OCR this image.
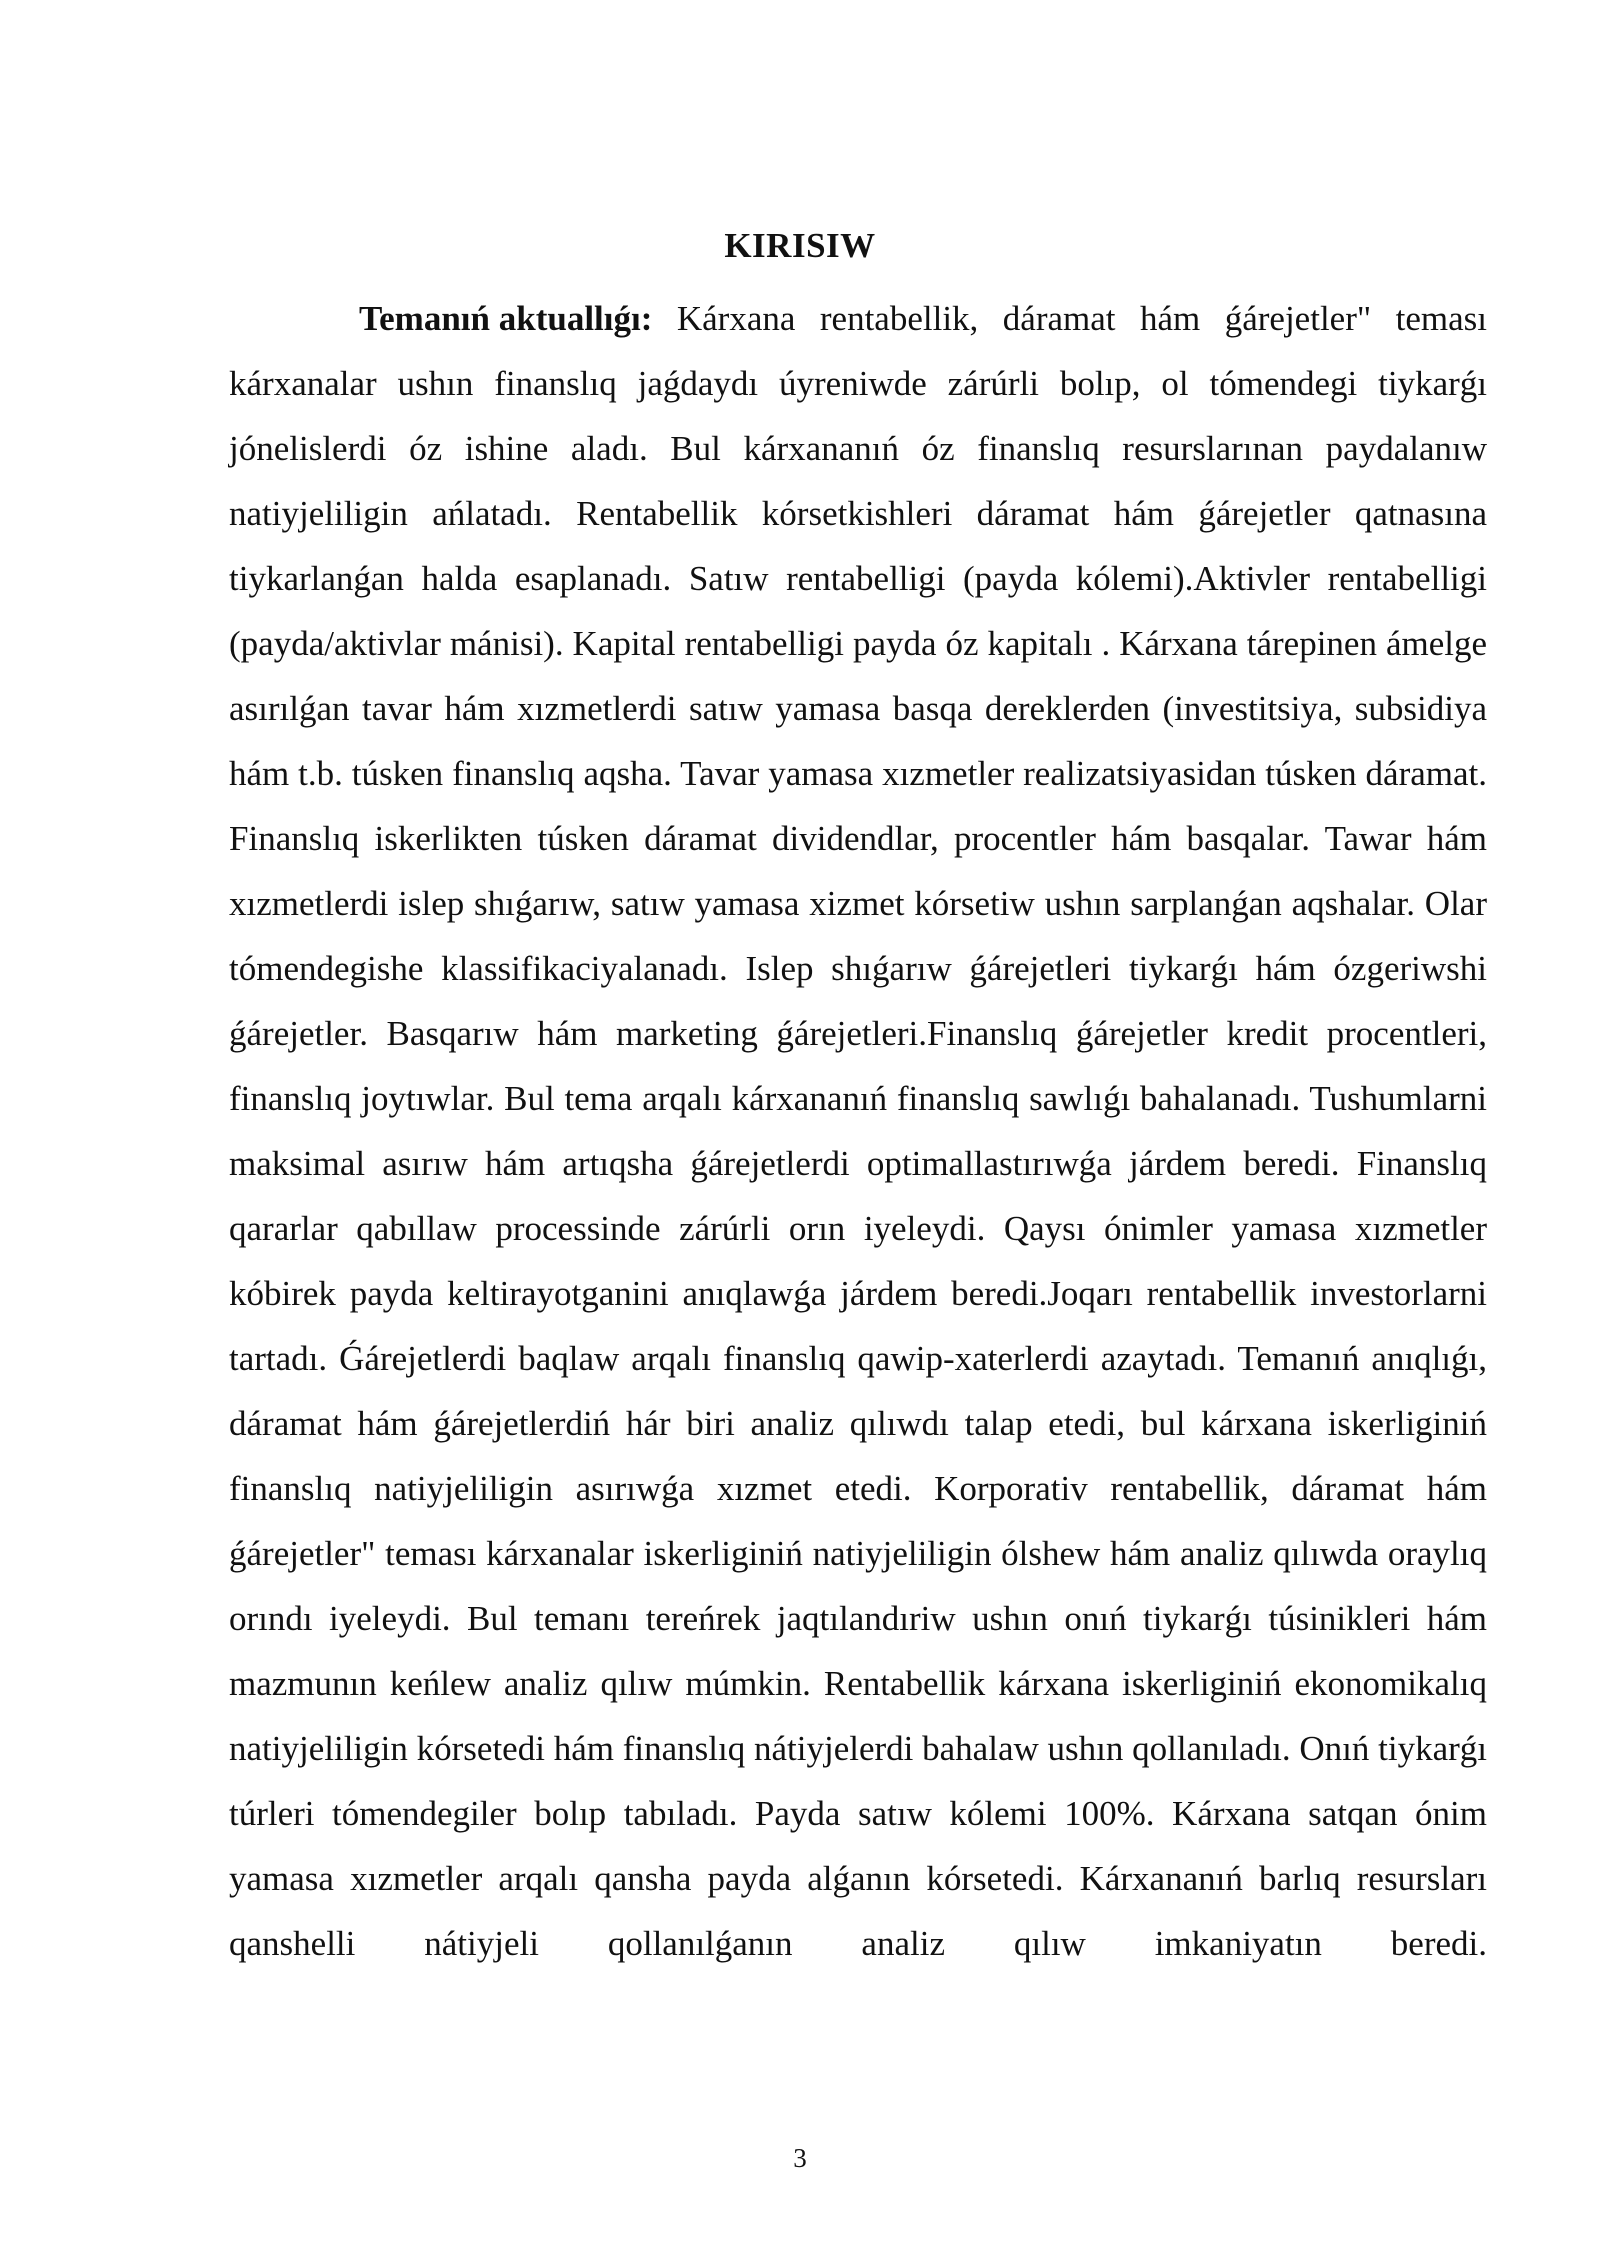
KIRISIW

Temanıń aktuallıǵı: Kárxana rentabellik, dáramat hám ǵárejetler" teması kárxanalar ushın finanslıq jaǵdaydı úyreniwde zárúrli bolıp, ol tómendegi tiykarǵı jónelislerdi óz ishine aladı. Bul kárxananıń óz finanslıq resurslarınan paydalanıw natiyjeliligin ańlatadı. Rentabellik kórsetkishleri dáramat hám ǵárejetler qatnasına tiykarlanǵan halda esaplanadı. Satıw rentabelligi (payda kólemi).Aktivler rentabelligi (payda/aktivlar mánisi). Kapital rentabelligi payda óz kapitalı . Kárxana tárepinen ámelge asırılǵan tavar hám xızmetlerdi satıw yamasa basqa dereklerden (investitsiya, subsidiya hám t.b. túsken finanslıq aqsha. Tavar yamasa xızmetler realizatsiyasidan túsken dáramat. Finanslıq iskerlikten túsken dáramat dividendlar, procentler hám basqalar. Tawar hám xızmetlerdi islep shıǵarıw, satıw yamasa xizmet kórsetiw ushın sarplanǵan aqshalar. Olar tómendegishe klassifikaciyalanadı. Islep shıǵarıw ǵárejetleri tiykarǵı hám ózgeriwshi ǵárejetler. Basqarıw hám marketing ǵárejetleri.Finanslıq ǵárejetler kredit procentleri, finanslıq joytıwlar. Bul tema arqalı kárxananıń finanslıq sawlıǵı bahalanadı. Tushumlarni maksimal asırıw hám artıqsha ǵárejetlerdi optimallastırıwǵa járdem beredi. Finanslıq qararlar qabıllaw processinde zárúrli orın iyeleydi. Qaysı ónimler yamasa xızmetler kóbirek payda keltirayotganini anıqlawǵa járdem beredi.Joqarı rentabellik investorlarni tartadı. Ǵárejetlerdi baqlaw arqalı finanslıq qawip-xaterlerdi azaytadı. Temanıń anıqlıǵı, dáramat hám ǵárejetlerdiń hár biri analiz qılıwdı talap etedi, bul kárxana iskerliginiń finanslıq natiyjeliligin asırıwǵa xızmet etedi. Korporativ rentabellik, dáramat hám ǵárejetler" teması kárxanalar iskerliginiń natiyjeliligin ólshew hám analiz qılıwda oraylıq orındı iyeleydi. Bul temanı tereńrek jaqtılandıriw ushın onıń tiykarǵı túsinikleri hám mazmunın keńlew analiz qılıw múmkin. Rentabellik kárxana iskerliginiń ekonomikalıq natiyjeliligin kórsetedi hám finanslıq nátiyjelerdi bahalaw ushın qollanıladı. Onıń tiykarǵı túrleri tómendegiler bolıp tabıladı. Payda satıw kólemi 100%. Kárxana satqan ónim yamasa xızmetler arqalı qansha payda alǵanın kórsetedi. Kárxananıń barlıq resursları qanshelli nátiyjeli qollanılǵanın analiz qılıw imkaniyatın beredi.

3
